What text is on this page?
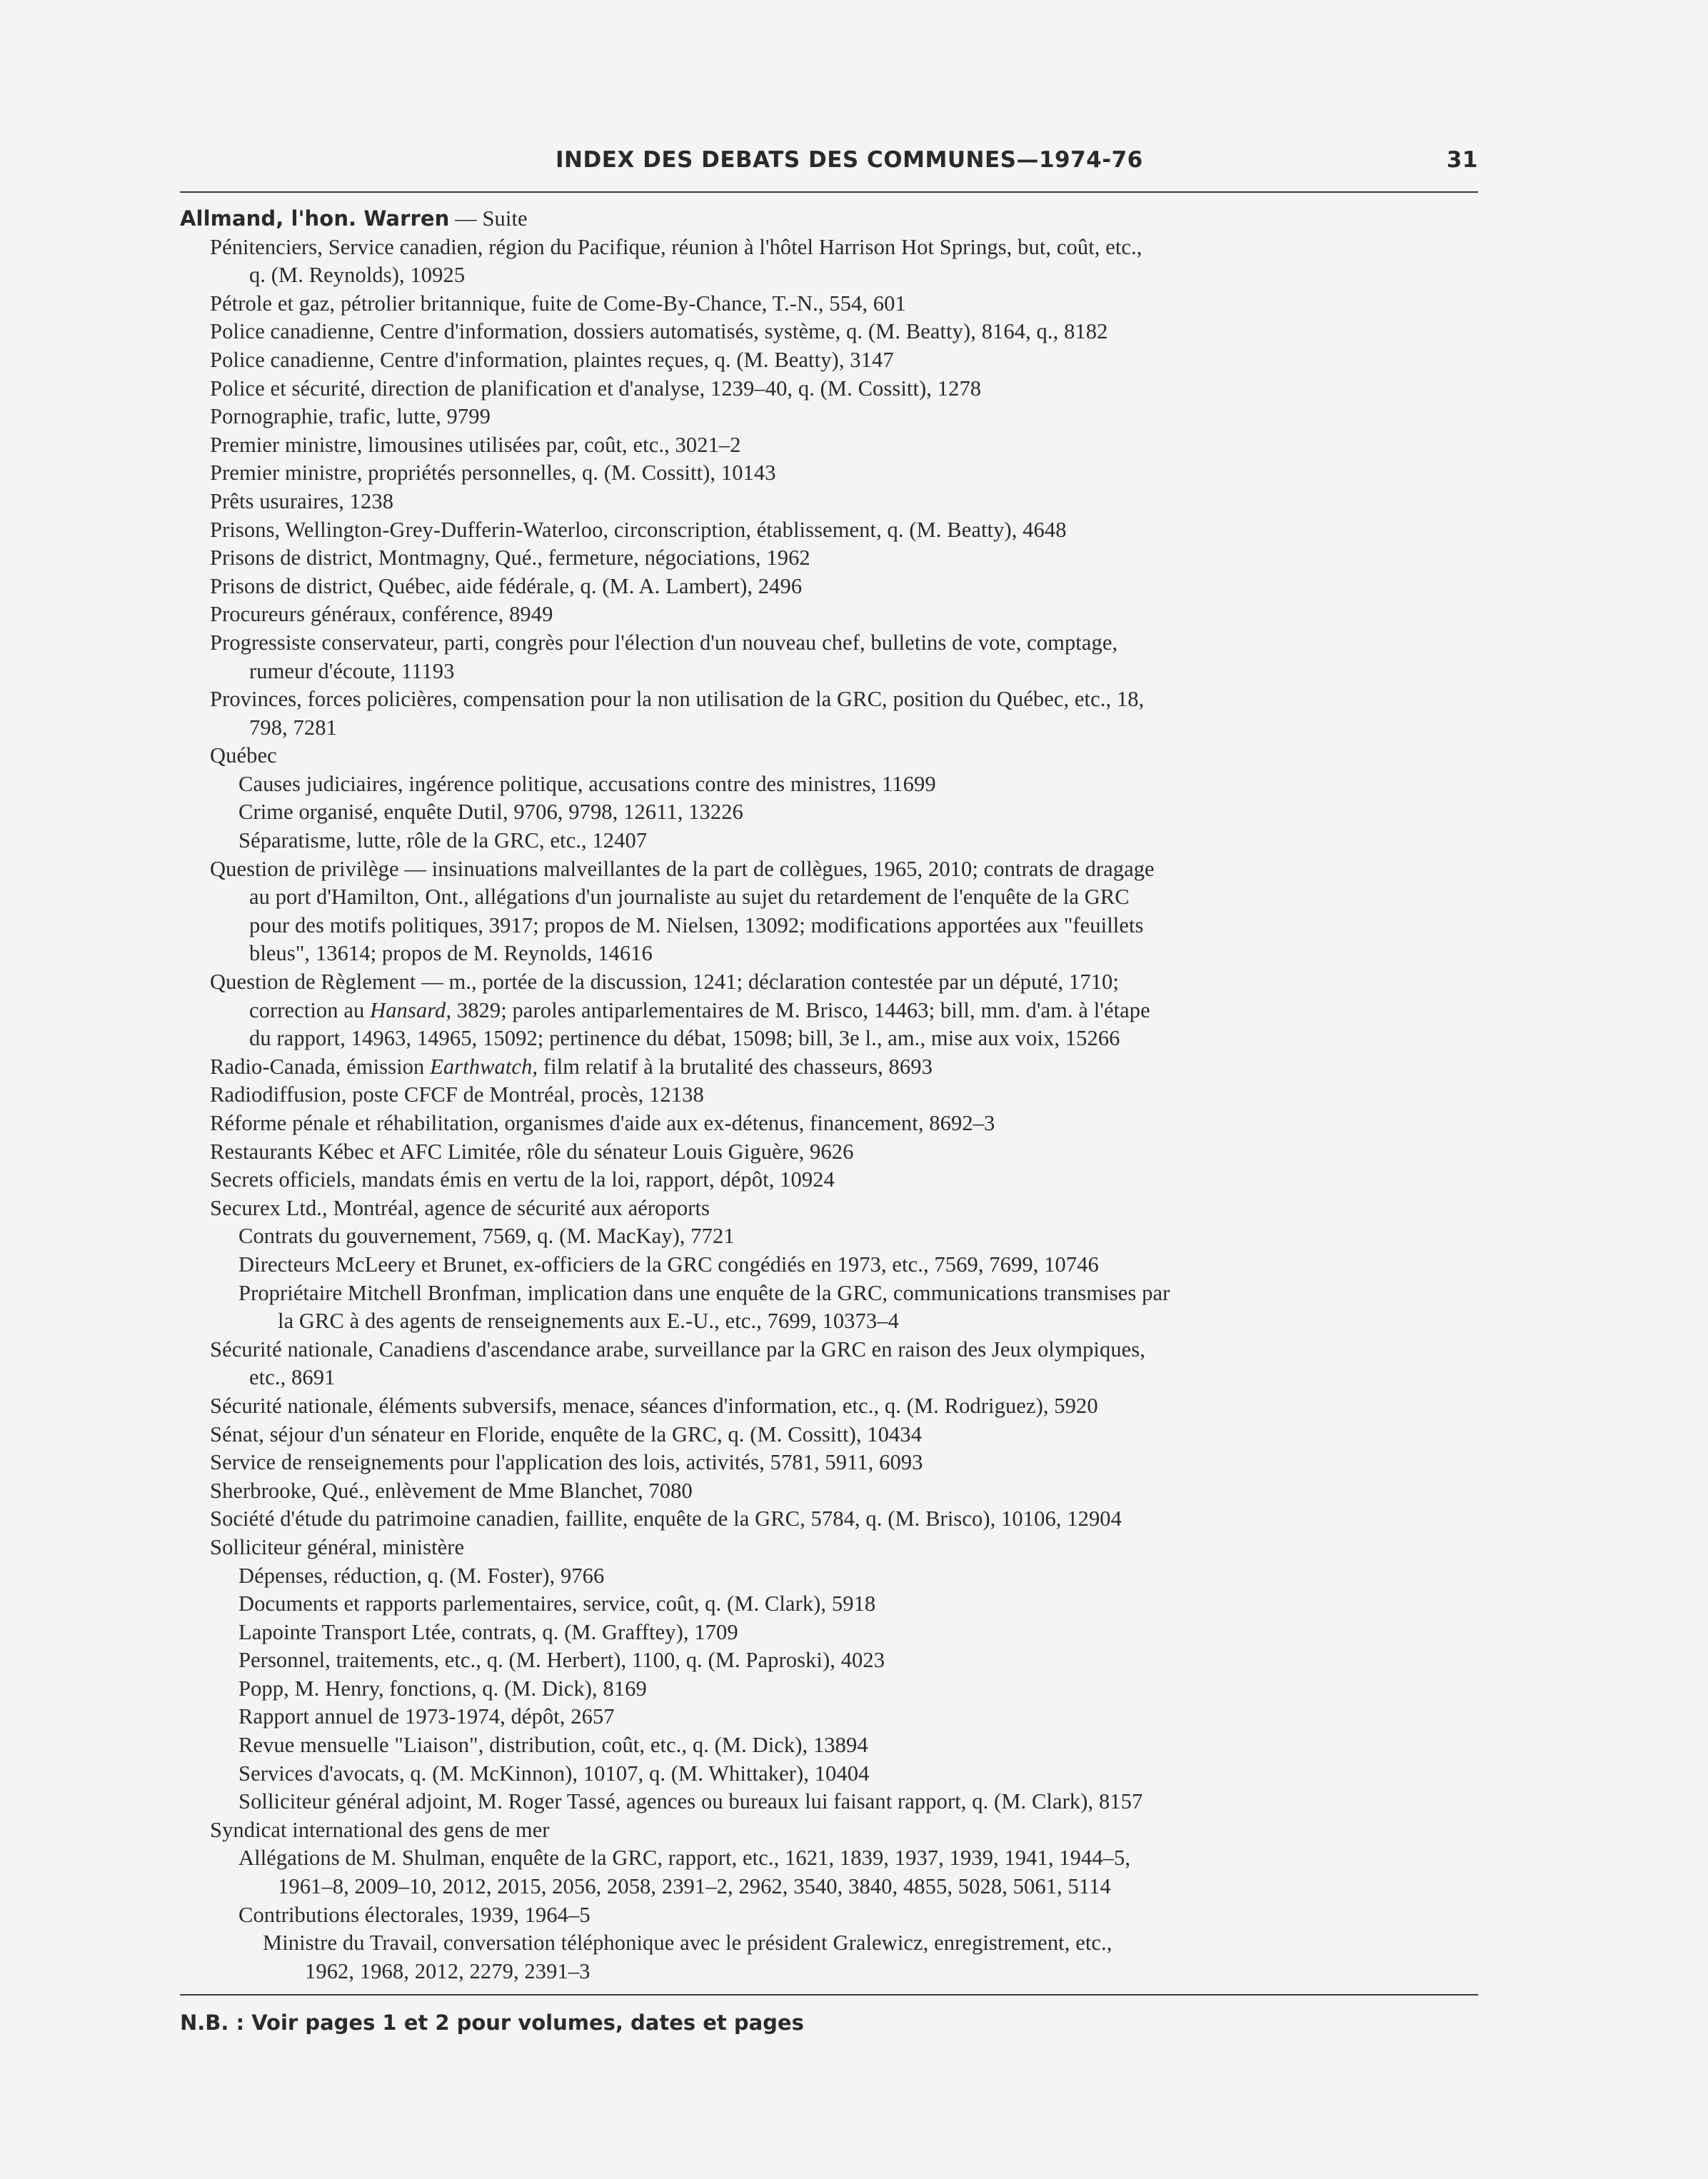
INDEX DES DEBATS DES COMMUNES—1974-76	31
Allmand, l'hon. Warren — Suite
Pénitenciers, Service canadien, région du Pacifique, réunion à l'hôtel Harrison Hot Springs, but, coût, etc.,
q. (M. Reynolds), 10925
Pétrole et gaz, pétrolier britannique, fuite de Come-By-Chance, T.-N., 554, 601
Police canadienne, Centre d'information, dossiers automatisés, système, q. (M. Beatty), 8164, q., 8182
Police canadienne, Centre d'information, plaintes reçues, q. (M. Beatty), 3147
Police et sécurité, direction de planification et d'analyse, 1239–40, q. (M. Cossitt), 1278
Pornographie, trafic, lutte, 9799
Premier ministre, limousines utilisées par, coût, etc., 3021–2
Premier ministre, propriétés personnelles, q. (M. Cossitt), 10143
Prêts usuraires, 1238
Prisons, Wellington-Grey-Dufferin-Waterloo, circonscription, établissement, q. (M. Beatty), 4648
Prisons de district, Montmagny, Qué., fermeture, négociations, 1962
Prisons de district, Québec, aide fédérale, q. (M. A. Lambert), 2496
Procureurs généraux, conférence, 8949
Progressiste conservateur, parti, congrès pour l'élection d'un nouveau chef, bulletins de vote, comptage,
rumeur d'écoute, 11193
Provinces, forces policières, compensation pour la non utilisation de la GRC, position du Québec, etc., 18,
798, 7281
Québec
Causes judiciaires, ingérence politique, accusations contre des ministres, 11699
Crime organisé, enquête Dutil, 9706, 9798, 12611, 13226
Séparatisme, lutte, rôle de la GRC, etc., 12407
Question de privilège — insinuations malveillantes de la part de collègues, 1965, 2010; contrats de dragage
au port d'Hamilton, Ont., allégations d'un journaliste au sujet du retardement de l'enquête de la GRC
pour des motifs politiques, 3917; propos de M. Nielsen, 13092; modifications apportées aux "feuillets
bleus", 13614; propos de M. Reynolds, 14616
Question de Règlement — m., portée de la discussion, 1241; déclaration contestée par un député, 1710;
correction au Hansard, 3829; paroles antiparlementaires de M. Brisco, 14463; bill, mm. d'am. à l'étape
du rapport, 14963, 14965, 15092; pertinence du débat, 15098; bill, 3e l., am., mise aux voix, 15266
Radio-Canada, émission Earthwatch, film relatif à la brutalité des chasseurs, 8693
Radiodiffusion, poste CFCF de Montréal, procès, 12138
Réforme pénale et réhabilitation, organismes d'aide aux ex-détenus, financement, 8692–3
Restaurants Kébec et AFC Limitée, rôle du sénateur Louis Giguère, 9626
Secrets officiels, mandats émis en vertu de la loi, rapport, dépôt, 10924
Securex Ltd., Montréal, agence de sécurité aux aéroports
Contrats du gouvernement, 7569, q. (M. MacKay), 7721
Directeurs McLeery et Brunet, ex-officiers de la GRC congédiés en 1973, etc., 7569, 7699, 10746
Propriétaire Mitchell Bronfman, implication dans une enquête de la GRC, communications transmises par
la GRC à des agents de renseignements aux E.-U., etc., 7699, 10373–4
Sécurité nationale, Canadiens d'ascendance arabe, surveillance par la GRC en raison des Jeux olympiques,
etc., 8691
Sécurité nationale, éléments subversifs, menace, séances d'information, etc., q. (M. Rodriguez), 5920
Sénat, séjour d'un sénateur en Floride, enquête de la GRC, q. (M. Cossitt), 10434
Service de renseignements pour l'application des lois, activités, 5781, 5911, 6093
Sherbrooke, Qué., enlèvement de Mme Blanchet, 7080
Société d'étude du patrimoine canadien, faillite, enquête de la GRC, 5784, q. (M. Brisco), 10106, 12904
Solliciteur général, ministère
Dépenses, réduction, q. (M. Foster), 9766
Documents et rapports parlementaires, service, coût, q. (M. Clark), 5918
Lapointe Transport Ltée, contrats, q. (M. Grafftey), 1709
Personnel, traitements, etc., q. (M. Herbert), 1100, q. (M. Paproski), 4023
Popp, M. Henry, fonctions, q. (M. Dick), 8169
Rapport annuel de 1973-1974, dépôt, 2657
Revue mensuelle "Liaison", distribution, coût, etc., q. (M. Dick), 13894
Services d'avocats, q. (M. McKinnon), 10107, q. (M. Whittaker), 10404
Solliciteur général adjoint, M. Roger Tassé, agences ou bureaux lui faisant rapport, q. (M. Clark), 8157
Syndicat international des gens de mer
Allégations de M. Shulman, enquête de la GRC, rapport, etc., 1621, 1839, 1937, 1939, 1941, 1944–5,
1961–8, 2009–10, 2012, 2015, 2056, 2058, 2391–2, 2962, 3540, 3840, 4855, 5028, 5061, 5114
Contributions électorales, 1939, 1964–5
Ministre du Travail, conversation téléphonique avec le président Gralewicz, enregistrement, etc.,
1962, 1968, 2012, 2279, 2391–3
N.B. : Voir pages 1 et 2 pour volumes, dates et pages
